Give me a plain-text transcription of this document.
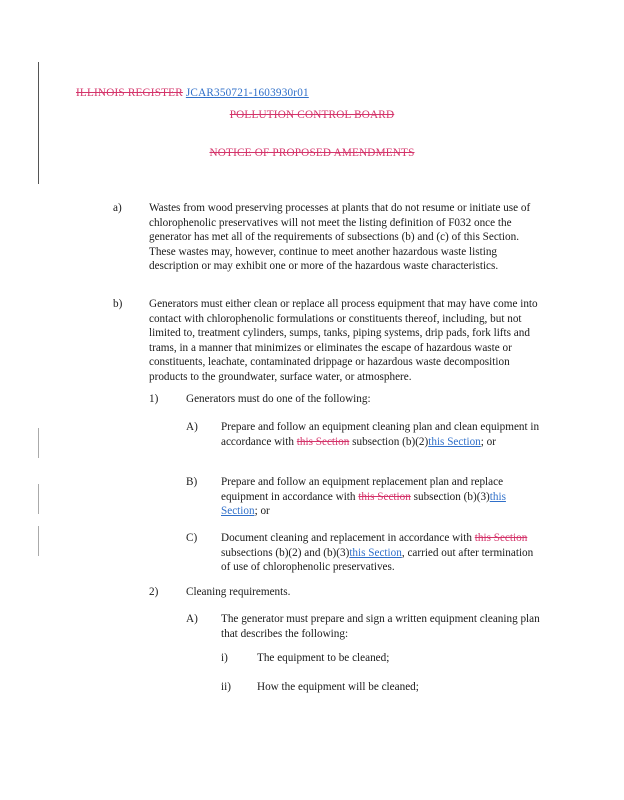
ILLINOIS REGISTER JCAR350721-1603930r01
POLLUTION CONTROL BOARD
NOTICE OF PROPOSED AMENDMENTS
a) Wastes from wood preserving processes at plants that do not resume or initiate use of chlorophenolic preservatives will not meet the listing definition of F032 once the generator has met all of the requirements of subsections (b) and (c) of this Section. These wastes may, however, continue to meet another hazardous waste listing description or may exhibit one or more of the hazardous waste characteristics.
b) Generators must either clean or replace all process equipment that may have come into contact with chlorophenolic formulations or constituents thereof, including, but not limited to, treatment cylinders, sumps, tanks, piping systems, drip pads, fork lifts and trams, in a manner that minimizes or eliminates the escape of hazardous waste or constituents, leachate, contaminated drippage or hazardous waste decomposition products to the groundwater, surface water, or atmosphere.
1) Generators must do one of the following:
A) Prepare and follow an equipment cleaning plan and clean equipment in accordance with this Section subsection (b)(2)this Section; or
B) Prepare and follow an equipment replacement plan and replace equipment in accordance with this Section subsection (b)(3)this Section; or
C) Document cleaning and replacement in accordance with this Section subsections (b)(2) and (b)(3)this Section, carried out after termination of use of chlorophenolic preservatives.
2) Cleaning requirements.
A) The generator must prepare and sign a written equipment cleaning plan that describes the following:
i)	The equipment to be cleaned;
ii) How the equipment will be cleaned;
